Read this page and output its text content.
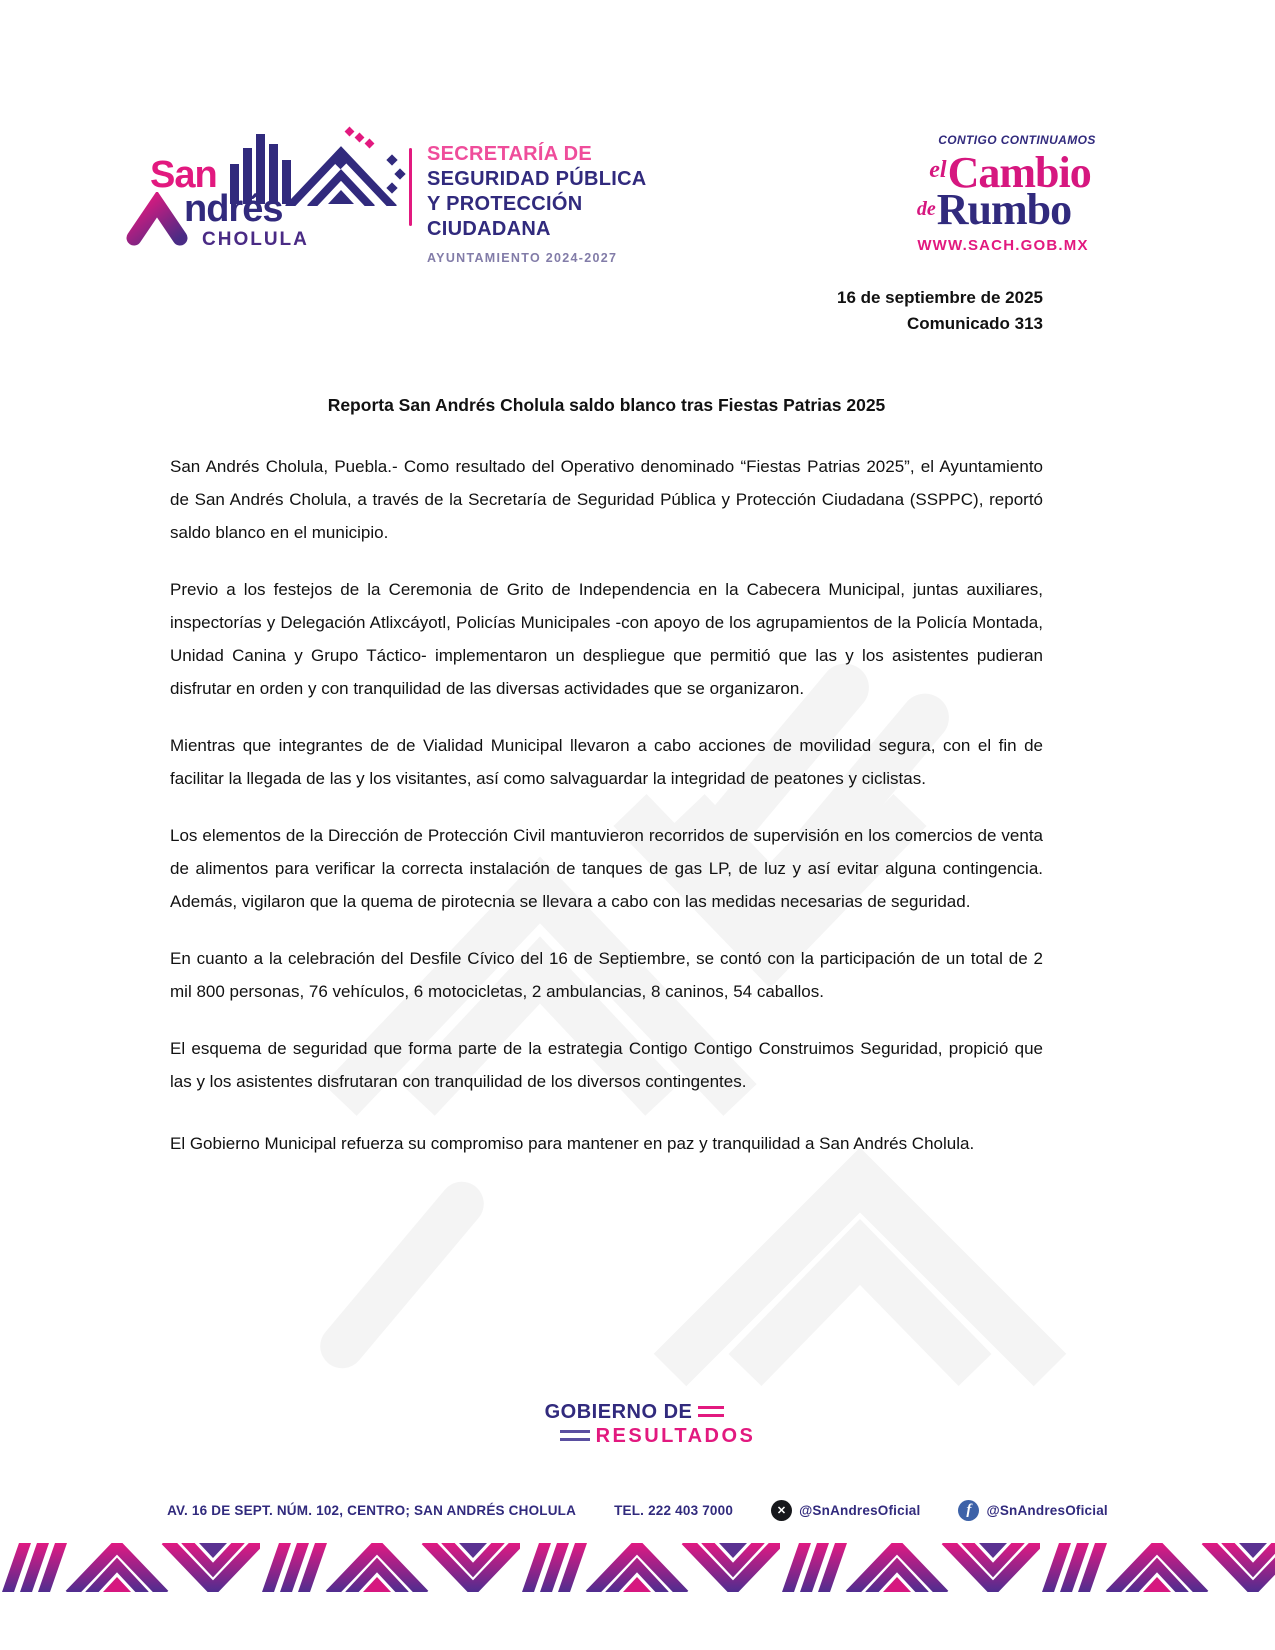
San
ndrés
CHOLULA
SECRETARÍA DE
SEGURIDAD PÚBLICA
Y PROTECCIÓN
CIUDADANA
AYUNTAMIENTO 2024-2027
CONTIGO CONTINUAMOS
elCambio
deRumbo
WWW.SACH.GOB.MX
16 de septiembre de 2025
Comunicado 313
Reporta San Andrés Cholula saldo blanco tras Fiestas Patrias 2025

San Andrés Cholula, Puebla.- Como resultado del Operativo denominado “Fiestas Patrias 2025”, el Ayuntamiento de San Andrés Cholula, a través de la Secretaría de Seguridad Pública y Protección Ciudadana (SSPPC), reportó saldo blanco en el municipio.

Previo a los festejos de la Ceremonia de Grito de Independencia en la Cabecera Municipal, juntas auxiliares, inspectorías y Delegación Atlixcáyotl, Policías Municipales -con apoyo de los agrupamientos de la Policía Montada, Unidad Canina y Grupo Táctico- implementaron un despliegue que permitió que las y los asistentes pudieran disfrutar en orden y con tranquilidad de las diversas actividades que se organizaron.

Mientras que integrantes de de Vialidad Municipal llevaron a cabo acciones de movilidad segura, con el fin de facilitar la llegada de las y los visitantes, así como salvaguardar la integridad de peatones y ciclistas.

Los elementos de la Dirección de Protección Civil mantuvieron recorridos de supervisión en los comercios de venta de alimentos para verificar la correcta instalación de tanques de gas LP, de luz y así evitar alguna contingencia. Además, vigilaron que la quema de pirotecnia se llevara a cabo con las medidas necesarias de seguridad.

En cuanto a la celebración del Desfile Cívico del 16 de Septiembre, se contó con la participación de un total de 2 mil 800 personas, 76 vehículos, 6 motocicletas, 2 ambulancias, 8 caninos, 54 caballos.

El esquema de seguridad que forma parte de la estrategia Contigo Contigo Construimos Seguridad, propició que las y los asistentes disfrutaran con tranquilidad de los diversos contingentes.

El Gobierno Municipal refuerza su compromiso para mantener en paz y tranquilidad a San Andrés Cholula.

GOBIERNO DE
RESULTADOS
AV. 16 DE SEPT. NÚM. 102, CENTRO; SAN ANDRÉS CHOLULA	TEL. 222 403 7000	✕ @SnAndresOficial	f	@SnAndresOficial
